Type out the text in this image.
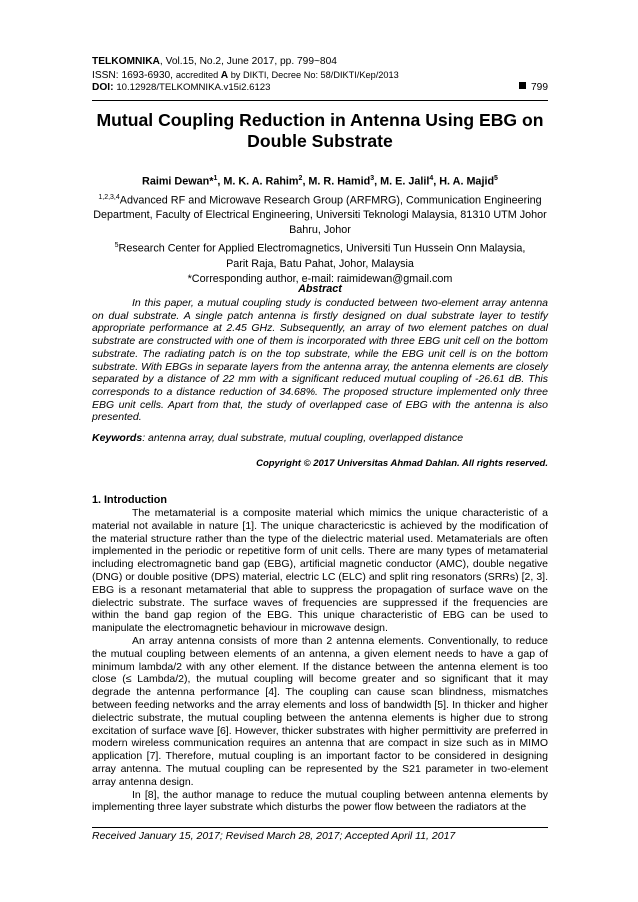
TELKOMNIKA, Vol.15, No.2, June 2017, pp. 799~804
ISSN: 1693-6930, accredited A by DIKTI, Decree No: 58/DIKTI/Kep/2013
DOI: 10.12928/TELKOMNIKA.v15i2.6123	799
Mutual Coupling Reduction in Antenna Using EBG on
Double Substrate
Raimi Dewan*$^1$, M. K. A. Rahim$^2$, M. R. Hamid$^3$, M. E. Jalil$^4$, H. A. Majid$^5$
$^{1,2,3,4}$Advanced RF and Microwave Research Group (ARFMRG), Communication Engineering
Department, Faculty of Electrical Engineering, Universiti Teknologi Malaysia, 81310 UTM Johor
Bahru, Johor
$^5$Research Center for Applied Electromagnetics, Universiti Tun Hussein Onn Malaysia,
Parit Raja, Batu Pahat, Johor, Malaysia
*Corresponding author, e-mail: raimidewan@gmail.com
Abstract

In this paper, a mutual coupling study is conducted between two-element array antenna on dual substrate. A single patch antenna is firstly designed on dual substrate layer to testify appropriate performance at 2.45 GHz. Subsequently, an array of two element patches on dual substrate are constructed with one of them is incorporated with three EBG unit cell on the bottom substrate. The radiating patch is on the top substrate, while the EBG unit cell is on the bottom substrate. With EBGs in separate layers from the antenna array, the antenna elements are closely separated by a distance of 22 mm with a significant reduced mutual coupling of -26.61 dB. This corresponds to a distance reduction of 34.68%. The proposed structure implemented only three EBG unit cells. Apart from that, the study of overlapped case of EBG with the antenna is also presented.

Keywords: antenna array, dual substrate, mutual coupling, overlapped distance
Copyright © 2017 Universitas Ahmad Dahlan. All rights reserved.
1. Introduction

The metamaterial is a composite material which mimics the unique characteristic of a material not available in nature [1]. The unique charactericstic is achieved by the modification of the material structure rather than the type of the dielectric material used. Metamaterials are often implemented in the periodic or repetitive form of unit cells. There are many types of metamaterial including electromagnetic band gap (EBG), artificial magnetic conductor (AMC), double negative (DNG) or double positive (DPS) material, electric LC (ELC) and split ring resonators (SRRs) [2, 3]. EBG is a resonant metamaterial that able to suppress the propagation of surface wave on the dielectric substrate. The surface waves of frequencies are suppressed if the frequencies are within the band gap region of the EBG. This unique characteristic of EBG can be used to manipulate the electromagnetic behaviour in microwave design.

An array antenna consists of more than 2 antenna elements. Conventionally, to reduce the mutual coupling between elements of an antenna, a given element needs to have a gap of minimum lambda/2 with any other element. If the distance between the antenna element is too close (≤ Lambda/2), the mutual coupling will become greater and so significant that it may degrade the antenna performance [4]. The coupling can cause scan blindness, mismatches between feeding networks and the array elements and loss of bandwidth [5]. In thicker and higher dielectric substrate, the mutual coupling between the antenna elements is higher due to strong excitation of surface wave [6]. However, thicker substrates with higher permittivity are preferred in modern wireless communication requires an antenna that are compact in size such as in MIMO application [7]. Therefore, mutual coupling is an important factor to be considered in designing array antenna. The mutual coupling can be represented by the S21 parameter in two-element array antenna design.

In [8], the author manage to reduce the mutual coupling between antenna elements by implementing three layer substrate which disturbs the power flow between the radiators at the

Received January 15, 2017; Revised March 28, 2017; Accepted April 11, 2017
